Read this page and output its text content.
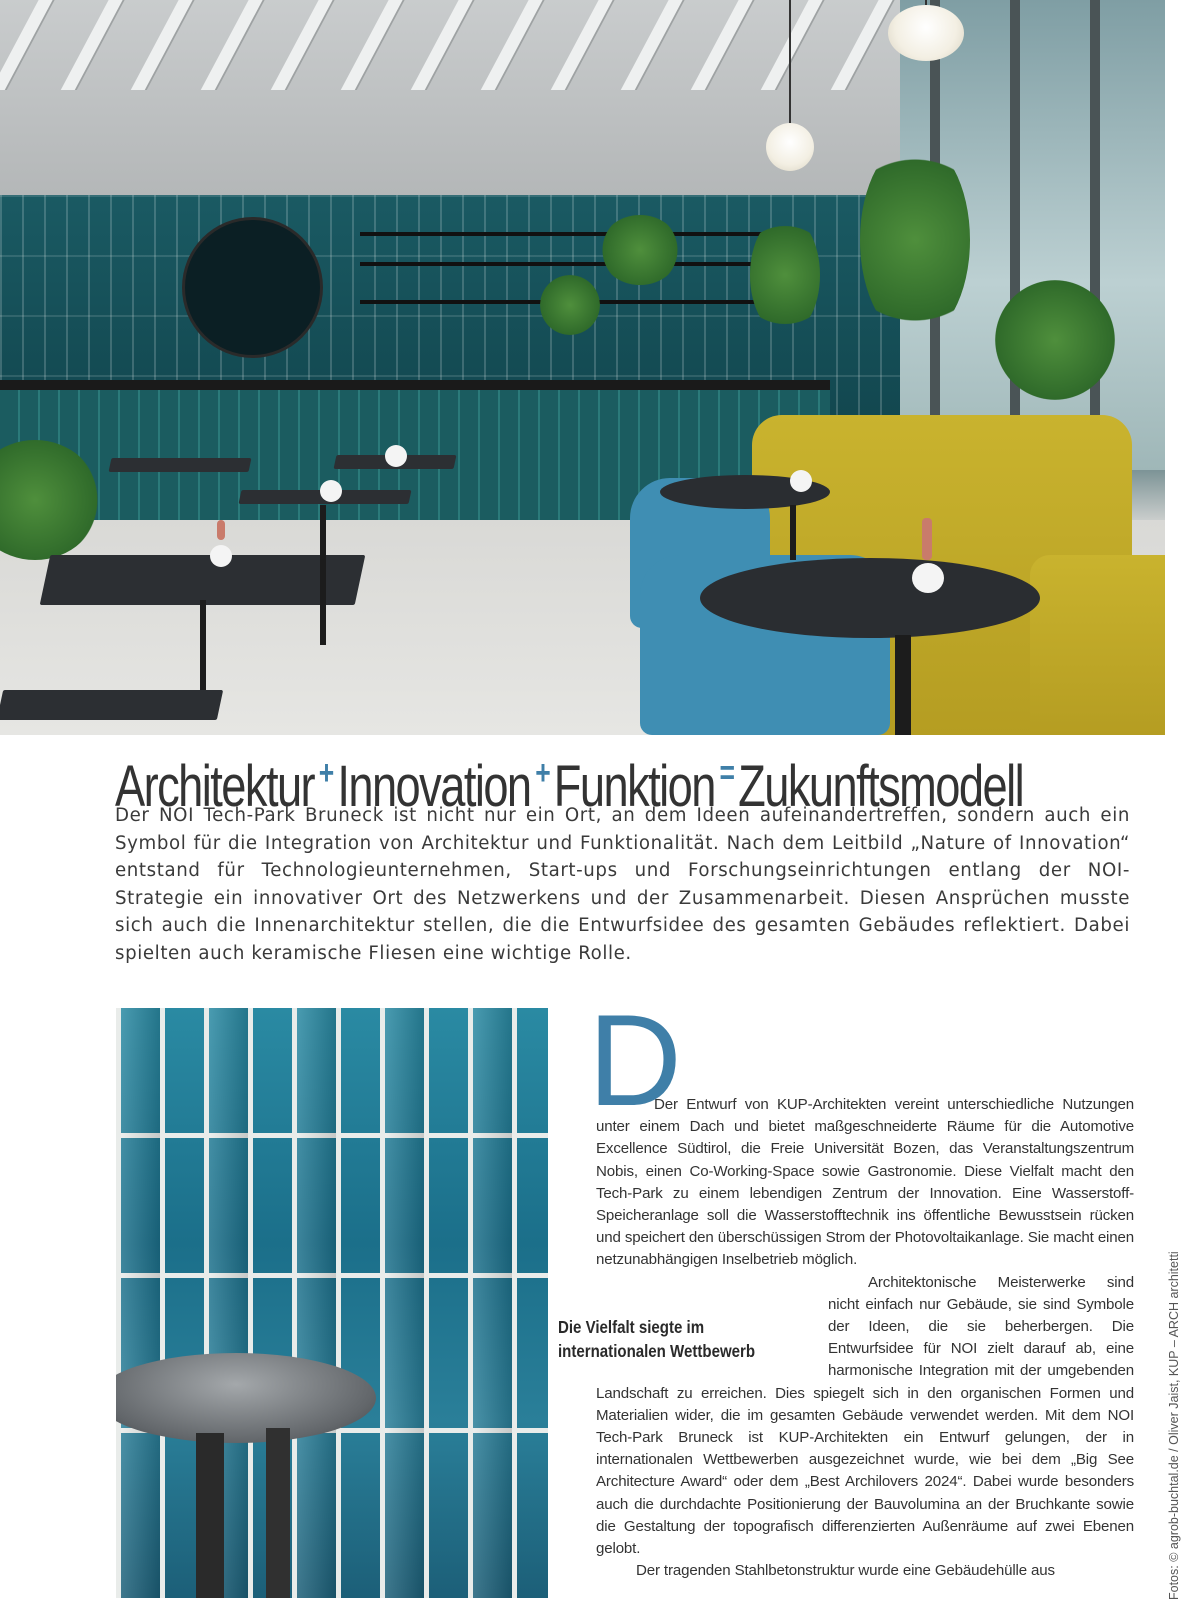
Architektur +Innovation +Funktion =Zukunftsmodell
Der NOI Tech-Park Bruneck ist nicht nur ein Ort, an dem Ideen aufeinandertreffen, sondern auch ein Symbol für die Integration von Architektur und Funktionalität. Nach dem Leitbild „Nature of Innovation“ entstand für Technologieunternehmen, Start-ups und Forschungseinrichtungen entlang der NOI-Strategie ein innovativer Ort des Netzwerkens und der Zusammenarbeit. Diesen Ansprüchen musste sich auch die Innenarchitektur stellen, die die Entwurfsidee des gesamten Gebäudes reflektiert. Dabei spielten auch keramische Fliesen eine wichtige Rolle.
D
Die Vielfalt siegte im internationalen Wettbewerb

Der Entwurf von KUP-Architekten vereint unterschiedliche Nutzungen unter einem Dach und bietet maßgeschneiderte Räume für die Automotive Excellence Südtirol, die Freie Universität Bozen, das Veranstaltungszentrum Nobis, einen Co-Working-Space sowie Gastronomie. Diese Vielfalt macht den Tech-Park zu einem lebendigen Zentrum der Innovation. Eine Wasserstoff-Speicheranlage soll die Wasserstofftechnik ins öffentliche Bewusstsein rücken und speichert den überschüssigen Strom der Photovoltaikanlage. Sie macht einen netzunabhängigen Inselbetrieb möglich.

Architektonische Meisterwerke sind nicht einfach nur Gebäude, sie sind Symbole der Ideen, die sie beherbergen. Die Entwurfsidee für NOI zielt darauf ab, eine harmonische Integration mit der umgebenden Landschaft zu erreichen. Dies spiegelt sich in den organischen Formen und Materialien wider, die im gesamten Gebäude verwendet werden. Mit dem NOI Tech-Park Bruneck ist KUP-Architekten ein Entwurf gelungen, der in internationalen Wettbewerben ausgezeichnet wurde, wie bei dem „Big See Architecture Award“ oder dem „Best Archilovers 2024“. Dabei wurde besonders auch die durchdachte Positionierung der Bauvolumina an der Bruchkante sowie die Gestaltung der topografisch differenzierten Außenräume auf zwei Ebenen gelobt.

Der tragenden Stahlbetonstruktur wurde eine Gebäudehülle aus	Fotos: © agrob-buchtal.de / Oliver Jaist, KUP – ARCH architetti
